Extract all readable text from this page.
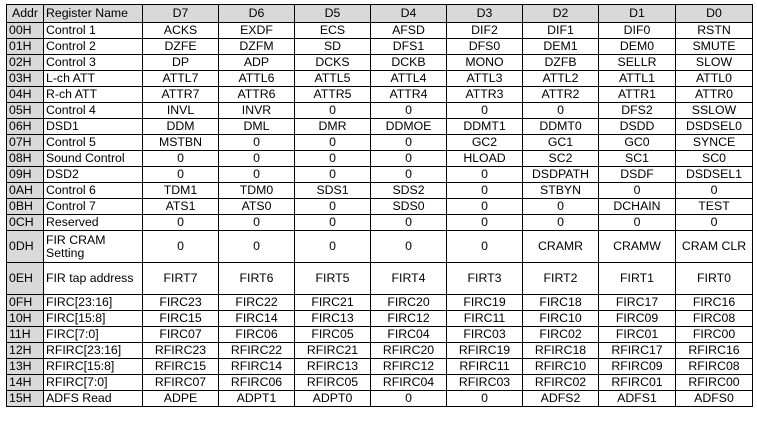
Addr	Register Name	D7	D6	D5	D4	D3	D2	D1	D0
00H	Control 1	ACKS	EXDF	ECS	AFSD	DIF2	DIF1	DIF0	RSTN
01H	Control 2	DZFE	DZFM	SD	DFS1	DFS0	DEM1	DEM0	SMUTE
02H	Control 3	DP	ADP	DCKS	DCKB	MONO	DZFB	SELLR	SLOW
03H	L-ch ATT	ATTL7	ATTL6	ATTL5	ATTL4	ATTL3	ATTL2	ATTL1	ATTL0
04H	R-ch ATT	ATTR7	ATTR6	ATTR5	ATTR4	ATTR3	ATTR2	ATTR1	ATTR0
05H	Control 4	INVL	INVR	0	0	0	0	DFS2	SSLOW
06H	DSD1	DDM	DML	DMR	DDMOE	DDMT1	DDMT0	DSDD	DSDSEL0
07H	Control 5	MSTBN	0	0	0	GC2	GC1	GC0	SYNCE
08H	Sound Control	0	0	0	0	HLOAD	SC2	SC1	SC0
09H	DSD2	0	0	0	0	0	DSDPATH	DSDF	DSDSEL1
0AH	Control 6	TDM1	TDM0	SDS1	SDS2	0	STBYN	0	0
0BH	Control 7	ATS1	ATS0	0	SDS0	0	0	DCHAIN	TEST
0CH	Reserved	0	0	0	0	0	0	0	0
0DH	FIR CRAM Setting	0	0	0	0	0	CRAMR	CRAMW	CRAM CLR
0EH	FIR tap address	FIRT7	FIRT6	FIRT5	FIRT4	FIRT3	FIRT2	FIRT1	FIRT0
0FH	FIRC[23:16]	FIRC23	FIRC22	FIRC21	FIRC20	FIRC19	FIRC18	FIRC17	FIRC16
10H	FIRC[15:8]	FIRC15	FIRC14	FIRC13	FIRC12	FIRC11	FIRC10	FIRC09	FIRC08
11H	FIRC[7:0]	FIRC07	FIRC06	FIRC05	FIRC04	FIRC03	FIRC02	FIRC01	FIRC00
12H	RFIRC[23:16]	RFIRC23	RFIRC22	RFIRC21	RFIRC20	RFIRC19	RFIRC18	RFIRC17	RFIRC16
13H	RFIRC[15:8]	RFIRC15	RFIRC14	RFIRC13	RFIRC12	RFIRC11	RFIRC10	RFIRC09	RFIRC08
14H	RFIRC[7:0]	RFIRC07	RFIRC06	RFIRC05	RFIRC04	RFIRC03	RFIRC02	RFIRC01	RFIRC00
15H	ADFS Read	ADPE	ADPT1	ADPT0	0	0	ADFS2	ADFS1	ADFS0
